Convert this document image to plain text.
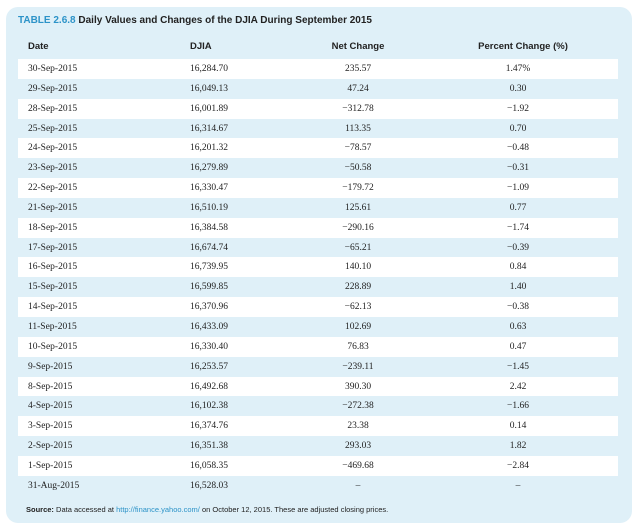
TABLE 2.6.8 Daily Values and Changes of the DJIA During September 2015
Date	DJIA	Net Change	Percent Change (%)
30-Sep-2015	16,284.70	235.57	1.47%
29-Sep-2015	16,049.13	47.24	0.30
28-Sep-2015	16,001.89	−312.78	−1.92
25-Sep-2015	16,314.67	113.35	0.70
24-Sep-2015	16,201.32	−78.57	−0.48
23-Sep-2015	16,279.89	−50.58	−0.31
22-Sep-2015	16,330.47	−179.72	−1.09
21-Sep-2015	16,510.19	125.61	0.77
18-Sep-2015	16,384.58	−290.16	−1.74
17-Sep-2015	16,674.74	−65.21	−0.39
16-Sep-2015	16,739.95	140.10	0.84
15-Sep-2015	16,599.85	228.89	1.40
14-Sep-2015	16,370.96	−62.13	−0.38
11-Sep-2015	16,433.09	102.69	0.63
10-Sep-2015	16,330.40	76.83	0.47
9-Sep-2015	16,253.57	−239.11	−1.45
8-Sep-2015	16,492.68	390.30	2.42
4-Sep-2015	16,102.38	−272.38	−1.66
3-Sep-2015	16,374.76	23.38	0.14
2-Sep-2015	16,351.38	293.03	1.82
1-Sep-2015	16,058.35	−469.68	−2.84
31-Aug-2015	16,528.03	–	–
Source: Data accessed at http://finance.yahoo.com/ on October 12, 2015. These are adjusted closing prices.
